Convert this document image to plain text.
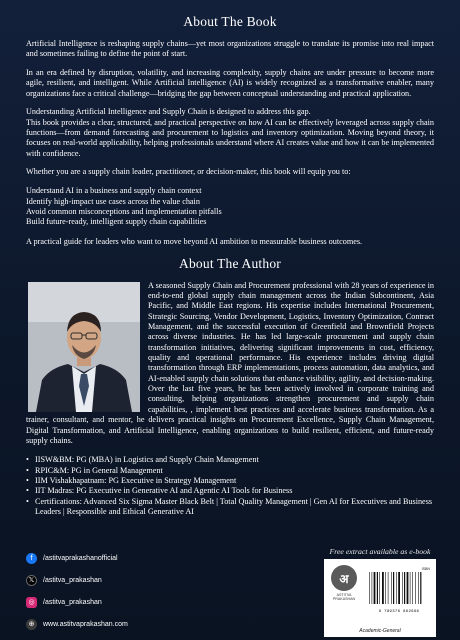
About The Book

Artificial Intelligence is reshaping supply chains—yet most organizations struggle to translate its promise into real impact and sometimes failing to define the point of start.

In an era defined by disruption, volatility, and increasing complexity, supply chains are under pressure to become more agile, resilient, and intelligent. While Artificial Intelligence (AI) is widely recognized as a transformative enabler, many organizations face a critical challenge—bridging the gap between conceptual understanding and practical application.

Understanding Artificial Intelligence and Supply Chain is designed to address this gap.
This book provides a clear, structured, and practical perspective on how AI can be effectively leveraged across supply chain functions—from demand forecasting and procurement to logistics and inventory optimization. Moving beyond theory, it focuses on real-world applicability, helping professionals understand where AI creates value and how it can be implemented with confidence.

Whether you are a supply chain leader, practitioner, or decision-maker, this book will equip you to:

Understand AI in a business and supply chain context
Identify high-impact use cases across the value chain
Avoid common misconceptions and implementation pitfalls
Build future-ready, intelligent supply chain capabilities

A practical guide for leaders who want to move beyond AI ambition to measurable business outcomes.

About The Author

A seasoned Supply Chain and Procurement professional with 28 years of experience in end-to-end global supply chain management across the Indian Subcontinent, Asia Pacific, and Middle East regions. His expertise includes International Procurement, Strategic Sourcing, Vendor Development, Logistics, Inventory Optimization, Contract Management, and the successful execution of Greenfield and Brownfield Projects across diverse industries. He has led large-scale procurement and supply chain transformation initiatives, delivering significant improvements in cost, efficiency, quality and operational performance. His experience includes driving digital transformation through ERP implementations, process automation, data analytics, and AI-enabled supply chain solutions that enhance visibility, agility, and decision-making. Over the last five years, he has been actively involved in corporate training and consulting, helping organizations strengthen procurement and supply chain capabilities, , implement best practices and accelerate business transformation. As a trainer, consultant, and mentor, he delivers practical insights on Procurement Excellence, Supply Chain Management, Digital Transformation, and Artificial Intelligence, enabling organizations to build resilient, efficient, and future-ready supply chains.

• IISW&BM: PG (MBA) in Logistics and Supply Chain Management
• RPIC&M: PG in General Management
• IIM Vishakhapatnam: PG Executive in Strategy Management
• IIT Madras: PG Executive in Generative AI and Agentic AI Tools for Business
• Certifications: Advanced Six Sigma Master Black Belt | Total Quality Management | Gen AI for Executives and Business Leaders | Responsible and Ethical Generative AI
f	/astitvaprakashanofficial
𝕏	/astitva_prakashan
◎	/astitva_prakashan
⊕	www.astitvaprakashan.com
Free extract available as e-book
अ
ASTITVA PRAKASHAN
ISBN
9 789376 862696
Academic-General
